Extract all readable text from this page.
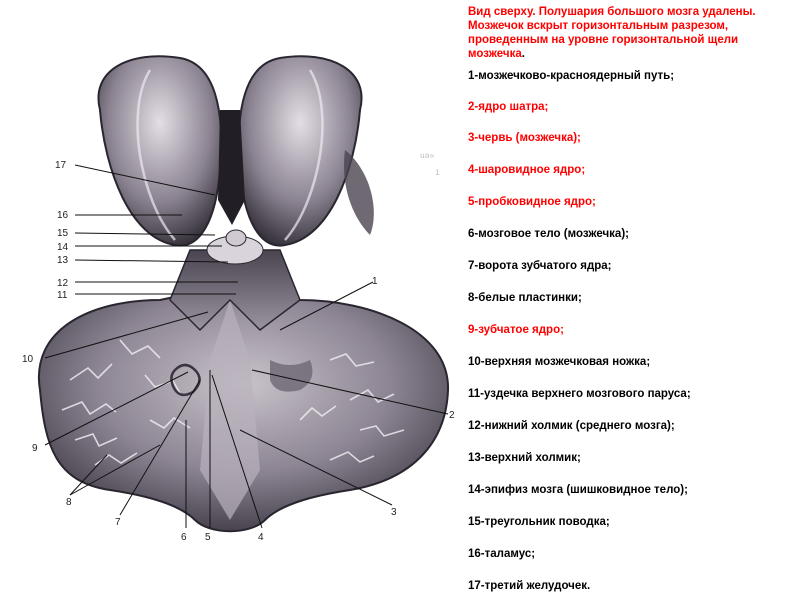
17
16
15
14
13
12
11
10
9
8
7
6 5	4
3
2
1
ua«
i
Вид сверху. Полушария большого мозга удалены. Мозжечок вскрыт горизонтальным разрезом, проведенным на уровне горизонтальной щели мозжечка.
1-мозжечково-красноядерный путь;
2-ядро шатра;
3-червь (мозжечка);
4-шаровидное ядро;
5-пробковидное ядро;
6-мозговое тело (мозжечка);
7-ворота зубчатого ядра;
8-белые пластинки;
9-зубчатое ядро;
10-верхняя мозжечковая ножка;
11-уздечка верхнего мозгового паруса;
12-нижний холмик (среднего мозга);
13-верхний холмик;
14-эпифиз мозга (шишковидное тело);
15-треугольник поводка;
16-таламус;
17-третий желудочек.
